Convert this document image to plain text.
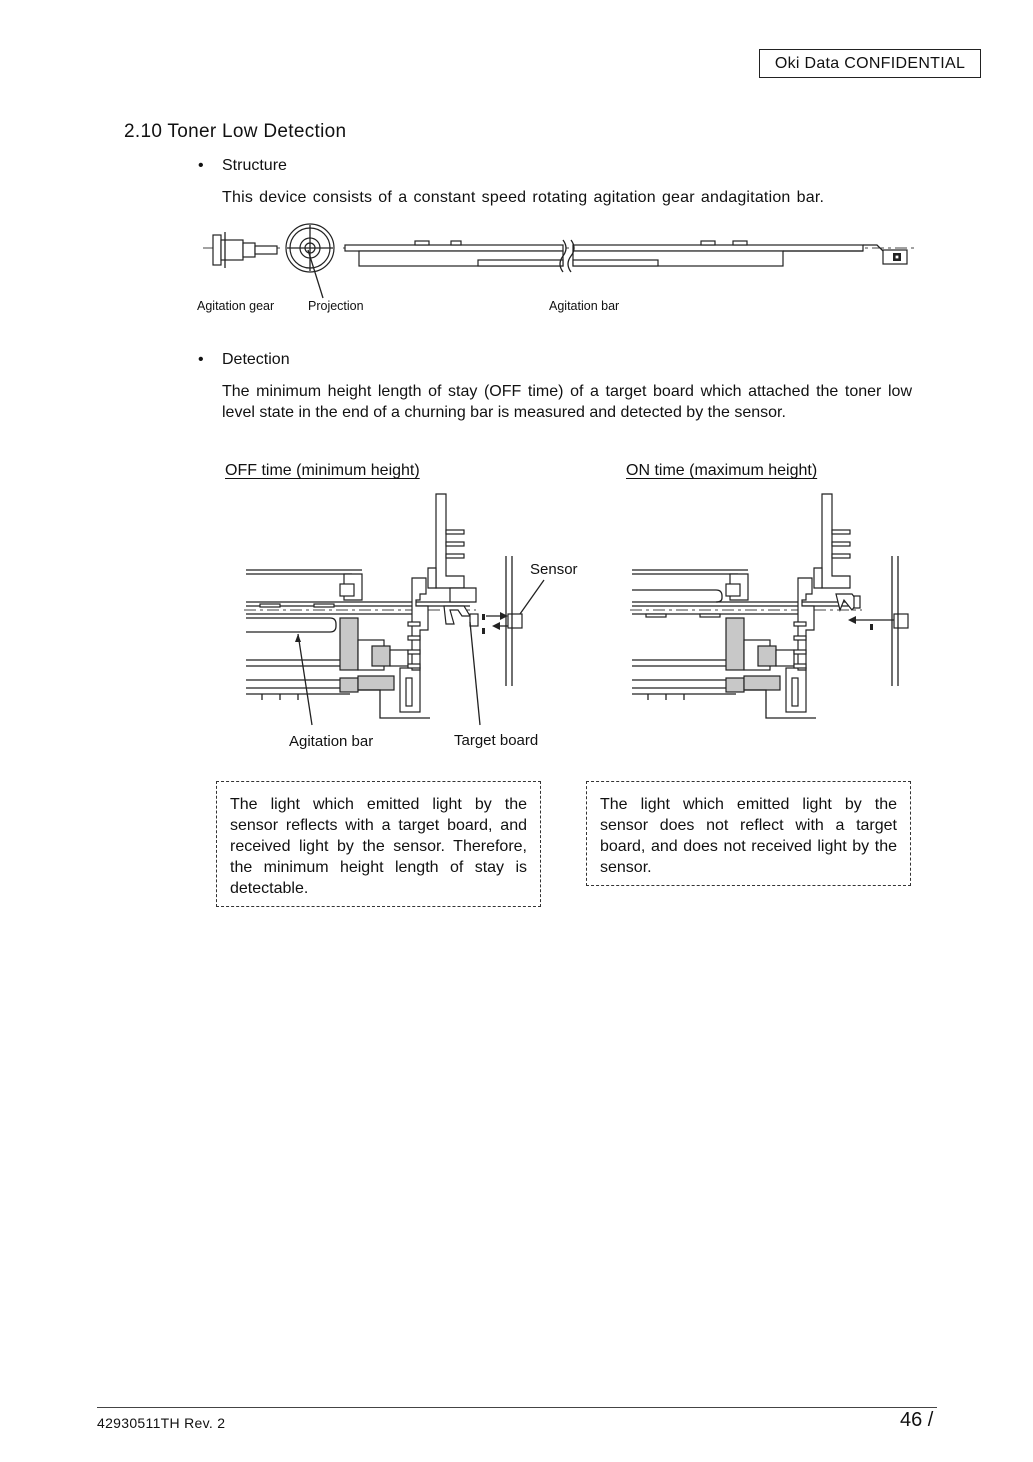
Oki Data CONFIDENTIAL
2.10 Toner Low Detection
• Structure
This device consists of a constant speed rotating agitation gear andagitation bar.
Agitation gear	Projection	Agitation bar
• Detection
The minimum height length of stay (OFF time) of a target board which attached the toner low level state in the end of a churning bar is measured and detected by the sensor.
OFF time (minimum height)	ON time (maximum height)
Sensor
Agitation bar	Target board
The light which emitted light by the sensor reflects with a target board, and received light by the sensor. Therefore, the minimum height length of stay is detectable.
The light which emitted light by the sensor does not reflect with a target board, and does not received light by the sensor.
42930511TH Rev. 2	46 /
